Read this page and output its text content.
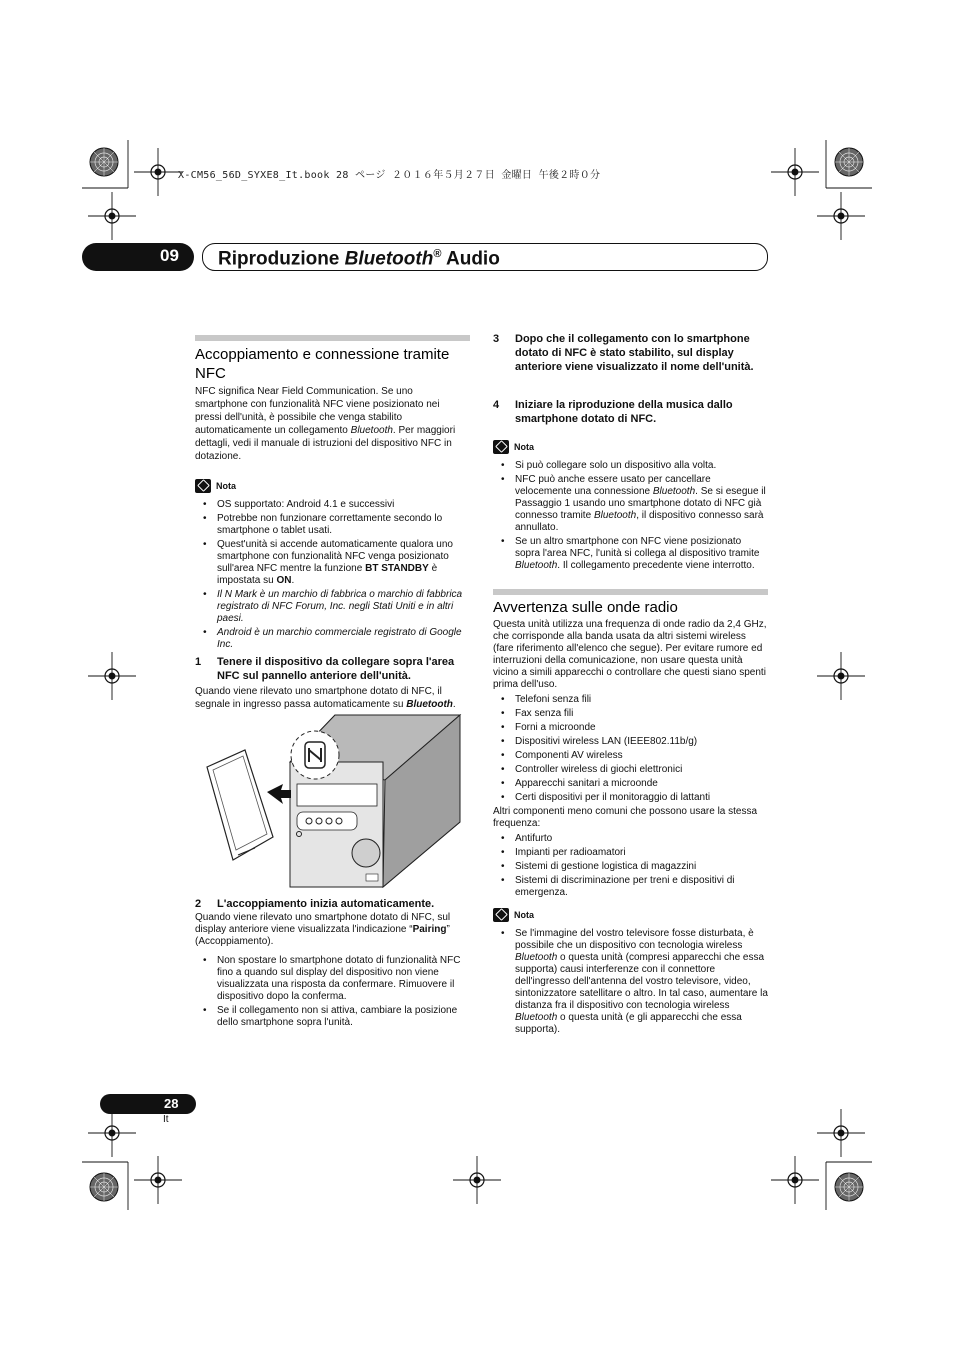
X-CM56_56D_SYXE8_It.book 28 ページ ２０１６年５月２７日 金曜日 午後２時０分
09 Riproduzione Bluetooth® Audio
Accoppiamento e connessione tramite NFC

NFC significa Near Field Communication. Se uno smartphone con funzionalità NFC viene posizionato nei pressi dell'unità, è possibile che venga stabilito automaticamente un collegamento Bluetooth. Per maggiori dettagli, vedi il manuale di istruzioni del dispositivo NFC in dotazione.

Nota
• OS supportato: Android 4.1 e successivi
• Potrebbe non funzionare correttamente secondo lo smartphone o tablet usati.
• Quest'unità si accende automaticamente qualora uno smartphone con funzionalità NFC venga posizionato sull'area NFC mentre la funzione BT STANDBY è impostata su ON.
• Il N Mark è un marchio di fabbrica o marchio di fabbrica registrato di NFC Forum, Inc. negli Stati Uniti e in altri paesi.
• Android è un marchio commerciale registrato di Google Inc.
1	Tenere il dispositivo da collegare sopra l'area NFC sul pannello anteriore dell'unità.

Quando viene rilevato uno smartphone dotato di NFC, il segnale in ingresso passa automaticamente su Bluetooth.

2	L'accoppiamento inizia automaticamente.

Quando viene rilevato uno smartphone dotato di NFC, sul display anteriore viene visualizzata l'indicazione “Pairing” (Accoppiamento).

• Non spostare lo smartphone dotato di funzionalità NFC fino a quando sul display del dispositivo non viene visualizzata una risposta da confermare. Rimuovere il dispositivo dopo la conferma.
• Se il collegamento non si attiva, cambiare la posizione dello smartphone sopra l'unità.
3	Dopo che il collegamento con lo smartphone dotato di NFC è stato stabilito, sul display anteriore viene visualizzato il nome dell'unità.
4	Iniziare la riproduzione della musica dallo smartphone dotato di NFC.
Nota
• Si può collegare solo un dispositivo alla volta.
• NFC può anche essere usato per cancellare velocemente una connessione Bluetooth. Se si esegue il Passaggio 1 usando uno smartphone dotato di NFC già connesso tramite Bluetooth, il dispositivo connesso sarà annullato.
• Se un altro smartphone con NFC viene posizionato sopra l'area NFC, l'unità si collega al dispositivo tramite Bluetooth. Il collegamento precedente viene interrotto.
Avvertenza sulle onde radio

Questa unità utilizza una frequenza di onde radio da 2,4 GHz, che corrisponde alla banda usata da altri sistemi wireless (fare riferimento all'elenco che segue). Per evitare rumore ed interruzioni della comunicazione, non usare questa unità vicino a simili apparecchi o controllare che questi siano spenti prima dell'uso.

• Telefoni senza fili
• Fax senza fili
• Forni a microonde
• Dispositivi wireless LAN (IEEE802.11b/g)
• Componenti AV wireless
• Controller wireless di giochi elettronici
• Apparecchi sanitari a microonde
• Certi dispositivi per il monitoraggio di lattanti

Altri componenti meno comuni che possono usare la stessa frequenza:

• Antifurto
• Impianti per radioamatori
• Sistemi di gestione logistica di magazzini
• Sistemi di discriminazione per treni e dispositivi di emergenza.
Nota
• Se l'immagine del vostro televisore fosse disturbata, è possibile che un dispositivo con tecnologia wireless Bluetooth o questa unità (compresi apparecchi che essa supporta) causi interferenze con il connettore dell'ingresso dell'antenna del vostro televisore, video, sintonizzatore satellitare o altro. In tal caso, aumentare la distanza fra il dispositivo con tecnologia wireless Bluetooth o questa unità (e gli apparecchi che essa supporta).
28
It
